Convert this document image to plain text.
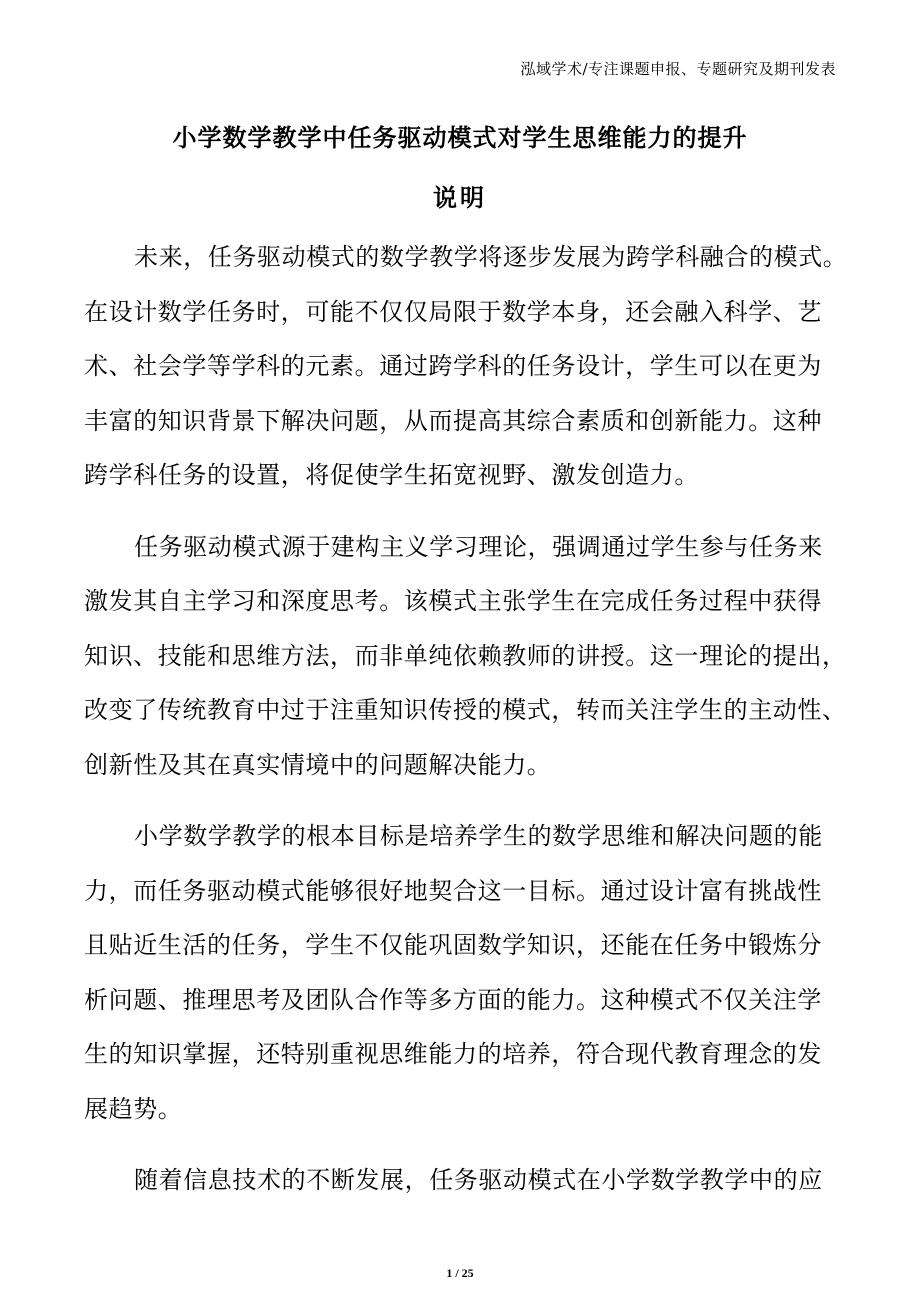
泓域学术/专注课题申报、专题研究及期刊发表
小学数学教学中任务驱动模式对学生思维能力的提升
说明
未来，任务驱动模式的数学教学将逐步发展为跨学科融合的模式。
在设计数学任务时，可能不仅仅局限于数学本身，还会融入科学、艺
术、社会学等学科的元素。通过跨学科的任务设计，学生可以在更为
丰富的知识背景下解决问题，从而提高其综合素质和创新能力。这种
跨学科任务的设置，将促使学生拓宽视野、激发创造力。
任务驱动模式源于建构主义学习理论，强调通过学生参与任务来
激发其自主学习和深度思考。该模式主张学生在完成任务过程中获得
知识、技能和思维方法，而非单纯依赖教师的讲授。这一理论的提出，
改变了传统教育中过于注重知识传授的模式，转而关注学生的主动性、
创新性及其在真实情境中的问题解决能力。
小学数学教学的根本目标是培养学生的数学思维和解决问题的能
力，而任务驱动模式能够很好地契合这一目标。通过设计富有挑战性
且贴近生活的任务，学生不仅能巩固数学知识，还能在任务中锻炼分
析问题、推理思考及团队合作等多方面的能力。这种模式不仅关注学
生的知识掌握，还特别重视思维能力的培养，符合现代教育理念的发
展趋势。
随着信息技术的不断发展，任务驱动模式在小学数学教学中的应
1 / 25
